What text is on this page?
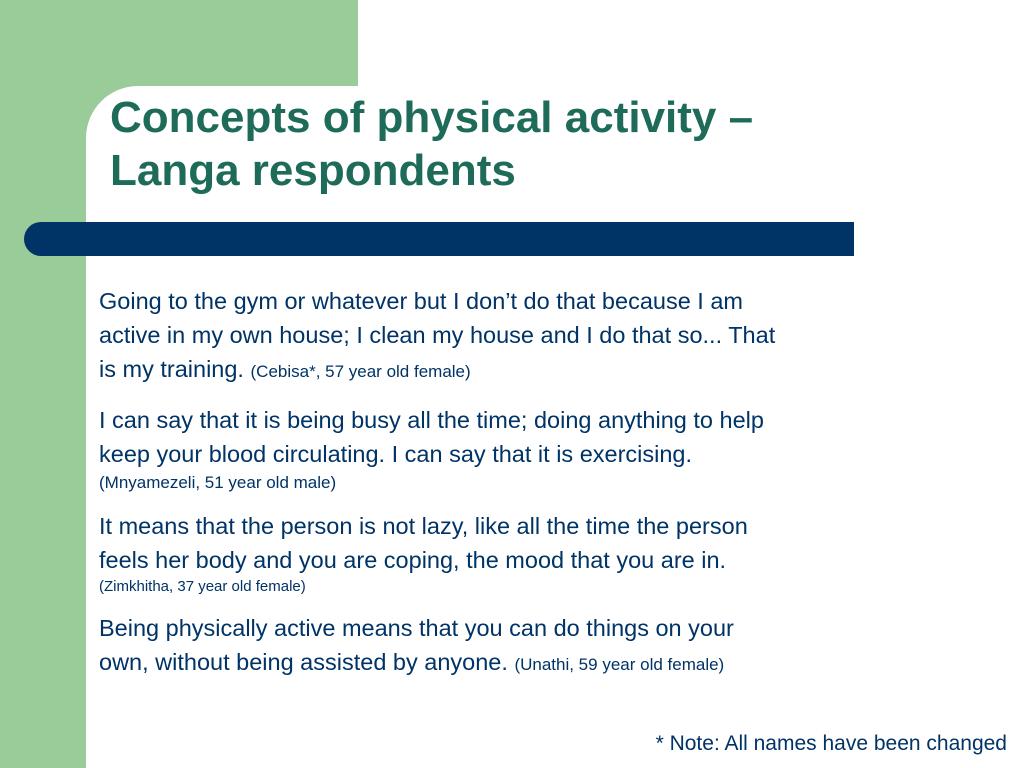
Concepts of physical activity –
Langa respondents

Going to the gym or whatever but I don’t do that because I am
active in my own house; I clean my house and I do that so... That
is my training. (Cebisa*, 57 year old female)

I can say that it is being busy all the time; doing anything to help
keep your blood circulating. I can say that it is exercising.
(Mnyamezeli, 51 year old male)

It means that the person is not lazy, like all the time the person
feels her body and you are coping, the mood that you are in.
(Zimkhitha, 37 year old female)

Being physically active means that you can do things on your
own, without being assisted by anyone. (Unathi, 59 year old female)

* Note: All names have been changed
